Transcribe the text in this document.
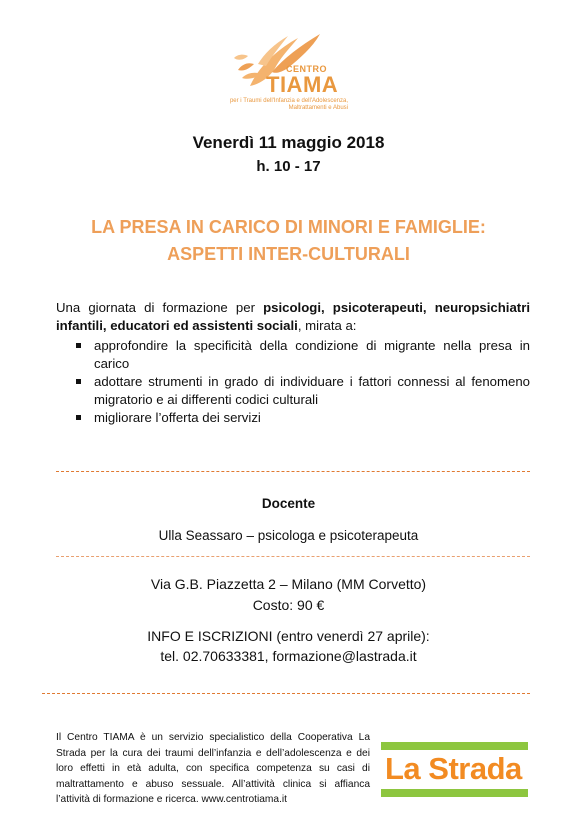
CENTRO
TIAMA
per i Traumi dell'Infanzia e dell'Adolescenza, Maltrattamenti e Abusi
Venerdì 11 maggio 2018
h. 10 - 17
LA PRESA IN CARICO DI MINORI E FAMIGLIE:
ASPETTI INTER-CULTURALI
Una giornata di formazione per psicologi, psicoterapeuti, neuropsichiatri infantili, educatori ed assistenti sociali, mirata a:
approfondire la specificità della condizione di migrante nella presa in carico
adottare strumenti in grado di individuare i fattori connessi al fenomeno migratorio e ai differenti codici culturali
migliorare l’offerta dei servizi
Docente
Ulla Seassaro – psicologa e psicoterapeuta
Via G.B. Piazzetta 2 – Milano (MM Corvetto)
Costo: 90 €
INFO E ISCRIZIONI (entro venerdì 27 aprile):
tel. 02.70633381, formazione@lastrada.it
Il Centro TIAMA è un servizio specialistico della Cooperativa La Strada per la cura dei traumi dell’infanzia e dell’adolescenza e dei loro effetti in età adulta, con specifica competenza su casi di maltrattamento e abuso sessuale. All’attività clinica si affianca l’attività di formazione e ricerca. www.centrotiama.it
La Strada
